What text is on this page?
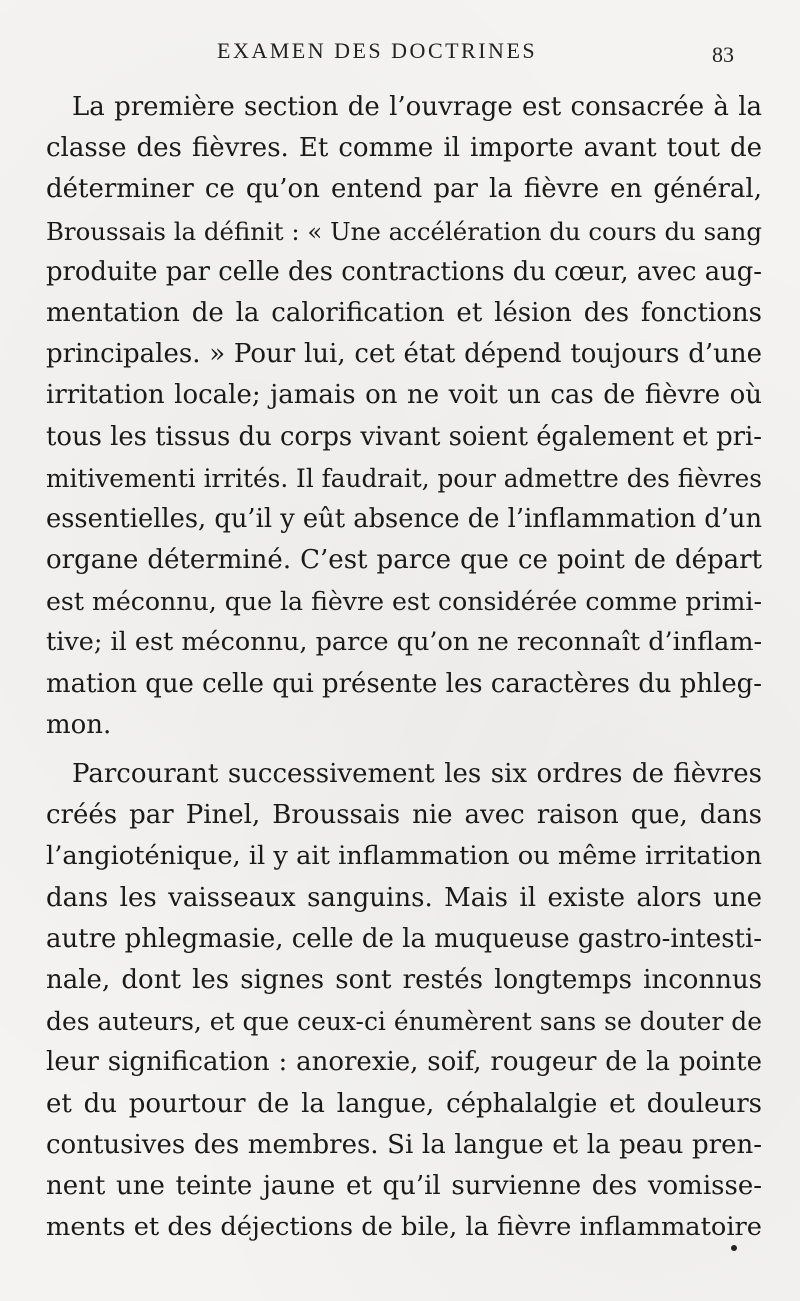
EXAMEN DES DOCTRINES	83
La première section de l’ouvrage est consacrée à la
classe des fièvres. Et comme il importe avant tout de
déterminer ce qu’on entend par la fièvre en général,
Broussais la définit : « Une accélération du cours du sang
produite par celle des contractions du cœur, avec aug-
mentation de la calorification et lésion des fonctions
principales. » Pour lui, cet état dépend toujours d’une
irritation locale; jamais on ne voit un cas de fièvre où
tous les tissus du corps vivant soient également et pri-
mitivementi irrités. Il faudrait, pour admettre des fièvres
essentielles, qu’il y eût absence de l’inflammation d’un
organe déterminé. C’est parce que ce point de départ
est méconnu, que la fièvre est considérée comme primi-
tive; il est méconnu, parce qu’on ne reconnaît d’inflam-
mation que celle qui présente les caractères du phleg-
mon.
Parcourant successivement les six ordres de fièvres
créés par Pinel, Broussais nie avec raison que, dans
l’angioténique, il y ait inflammation ou même irritation
dans les vaisseaux sanguins. Mais il existe alors une
autre phlegmasie, celle de la muqueuse gastro-intesti-
nale, dont les signes sont restés longtemps inconnus
des auteurs, et que ceux-ci énumèrent sans se douter de
leur signification : anorexie, soif, rougeur de la pointe
et du pourtour de la langue, céphalalgie et douleurs
contusives des membres. Si la langue et la peau pren-
nent une teinte jaune et qu’il survienne des vomisse-
ments et des déjections de bile, la fièvre inflammatoire
